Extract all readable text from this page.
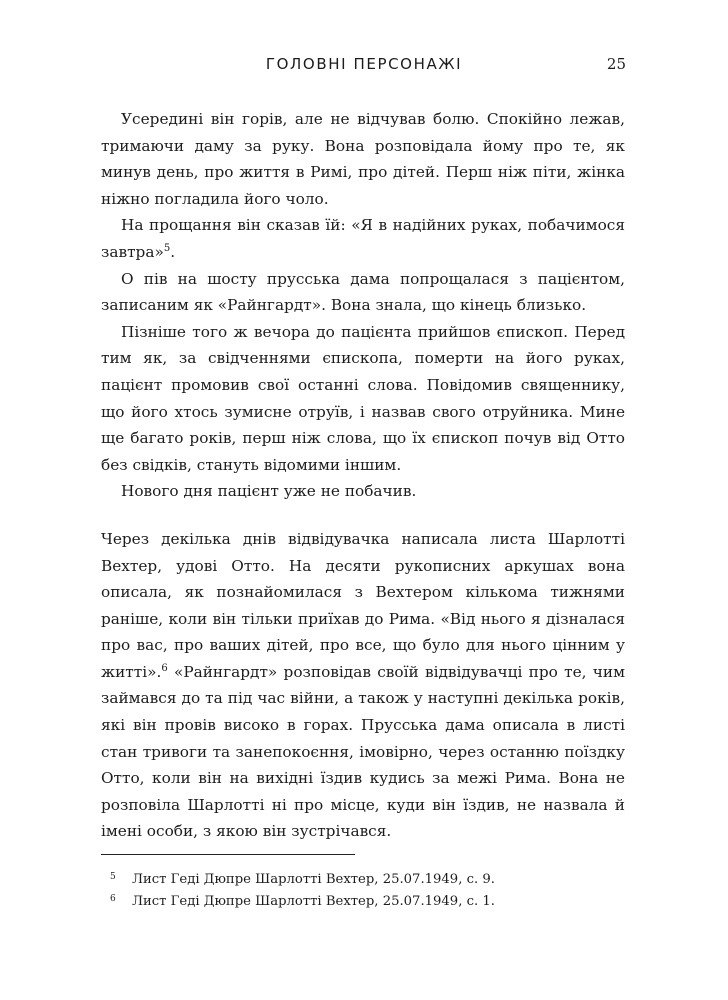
ГОЛОВНІ ПЕРСОНАЖІ	25

Усередині він горів, але не відчував болю. Спокійно лежав, тримаючи даму за руку. Вона розповідала йому про те, як минув день, про життя в Римі, про дітей. Перш ніж піти, жінка ніжно погладила його чоло.

На прощання він сказав їй: «Я в надійних руках, побачимося завтра»$^5$.

О пів на шосту прусська дама попрощалася з пацієнтом, записаним як «Райнгардт». Вона знала, що кінець близько.

Пізніше того ж вечора до пацієнта прийшов єпископ. Перед тим як, за свідченнями єпископа, померти на його руках, пацієнт промовив свої останні слова. Повідомив священнику, що його хтось зумисне отруїв, і назвав свого отруйника. Мине ще багато років, перш ніж слова, що їх єпископ почув від Отто без свідків, стануть відомими іншим.

Нового дня пацієнт уже не побачив.

Через декілька днів відвідувачка написала листа Шарлотті Вехтер, удові Отто. На десяти рукописних аркушах вона описала, як познайомилася з Вехтером кількома тижнями раніше, коли він тільки приїхав до Рима. «Від нього я дізналася про вас, про ваших дітей, про все, що було для нього цінним у житті».$^6$ «Райнгардт» розповідав своїй відвідувачці про те, чим займався до та під час війни, а також у наступні декілька років, які він провів високо в горах. Прусська дама описала в листі стан тривоги та занепокоєння, імовірно, через останню поїздку Отто, коли він на вихідні їздив кудись за межі Рима. Вона не розповіла Шарлотті ні про місце, куди він їздив, не назвала й імені особи, з якою він зустрічався.

5 Лист Геді Дюпре Шарлотті Вехтер, 25.07.1949, с. 9.
6 Лист Геді Дюпре Шарлотті Вехтер, 25.07.1949, с. 1.
